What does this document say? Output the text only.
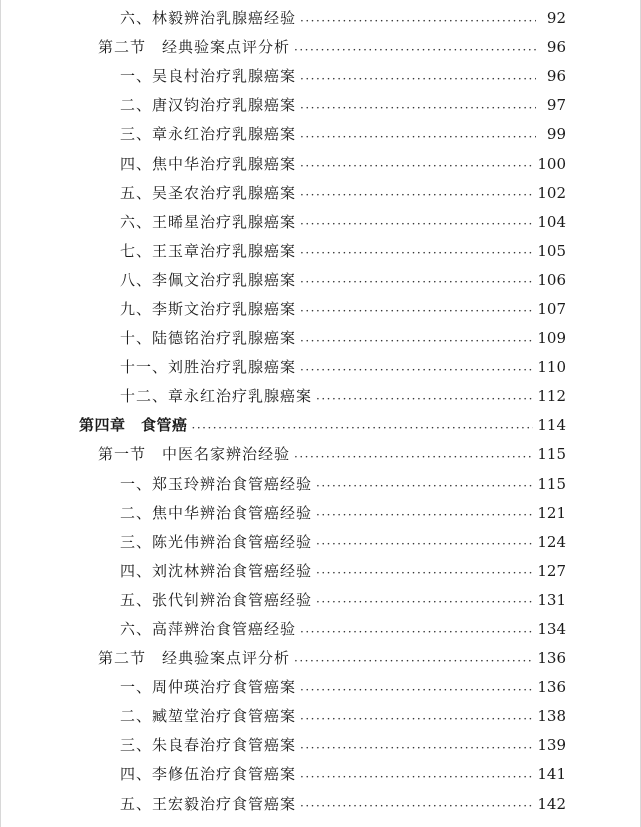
六、林毅辨治乳腺癌经验 ·····	92
第二节　经典验案点评分析 ·····	96
一、吴良村治疗乳腺癌案 ·····	96
二、唐汉钧治疗乳腺癌案 ·····	97
三、章永红治疗乳腺癌案 ·····	99
四、焦中华治疗乳腺癌案 ·····	100
五、吴圣农治疗乳腺癌案 ·····	102
六、王晞星治疗乳腺癌案 ·····	104
七、王玉章治疗乳腺癌案 ·····	105
八、李佩文治疗乳腺癌案 ·····	106
九、李斯文治疗乳腺癌案 ·····	107
十、陆德铭治疗乳腺癌案 ·····	109
十一、刘胜治疗乳腺癌案 ·····	110
十二、章永红治疗乳腺癌案 ·····	112
第四章　食管癌 ·····	114
第一节　中医名家辨治经验 ·····	115
一、郑玉玲辨治食管癌经验 ·····	115
二、焦中华辨治食管癌经验 ·····	121
三、陈光伟辨治食管癌经验 ·····	124
四、刘沈林辨治食管癌经验 ·····	127
五、张代钊辨治食管癌经验 ·····	131
六、高萍辨治食管癌经验 ·····	134
第二节　经典验案点评分析 ·····	136
一、周仲瑛治疗食管癌案 ·····	136
二、臧堃堂治疗食管癌案 ·····	138
三、朱良春治疗食管癌案 ·····	139
四、李修伍治疗食管癌案 ·····	141
五、王宏毅治疗食管癌案 ·····	142
